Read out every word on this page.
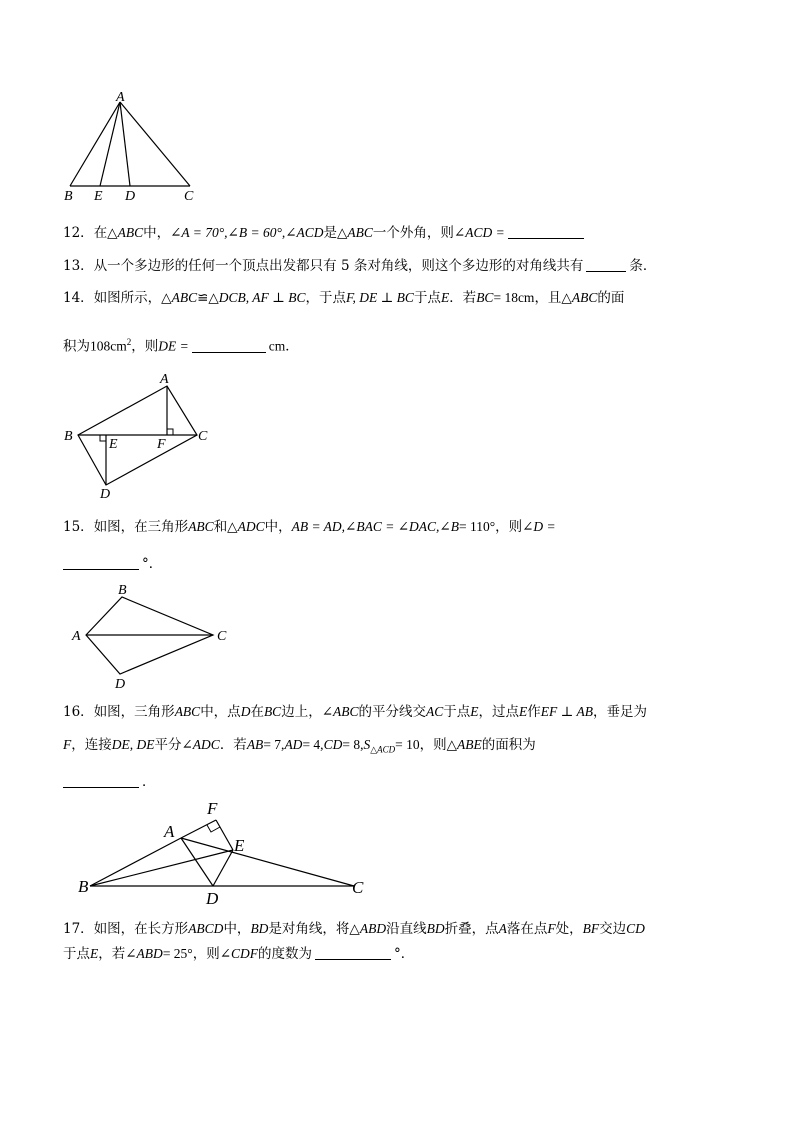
A
B E D	C
12．在△ABC中，∠A = 70°,∠B = 60°,∠ACD是△ABC一个外角，则∠ACD =
13．从一个多边形的任何一个顶点出发都只有 5 条对角线，则这个多边形的对角线共有	条．
14．如图所示，△ABC≌△DCB, AF ⊥ BC，于点F, DE ⊥ BC于点E．若BC= 18cm，且△ABC的面
积为$108cm^2$，则DE =	cm．
A
B
E	F
C
D
15．如图，在三角形ABC和△ADC中，AB = AD,∠BAC = ∠DAC,∠B= 110°，则∠D =
°．
B
A	C
D
16．如图，三角形ABC中，点D在BC边上，∠ABC的平分线交AC于点E，过点E作EF ⊥ AB，垂足为
F，连接DE, DE平分∠ADC．若$AB= 7,AD= 4,CD= 8,S_{\triangle ACD}= 10$，则△ABE的面积为
．
F
A
E
B
D
C
17．如图，在长方形ABCD中，BD是对角线，将△ABD沿直线BD折叠，点A落在点F处，BF交边CD
于点E，若∠ABD= 25°，则∠CDF的度数为	°．
